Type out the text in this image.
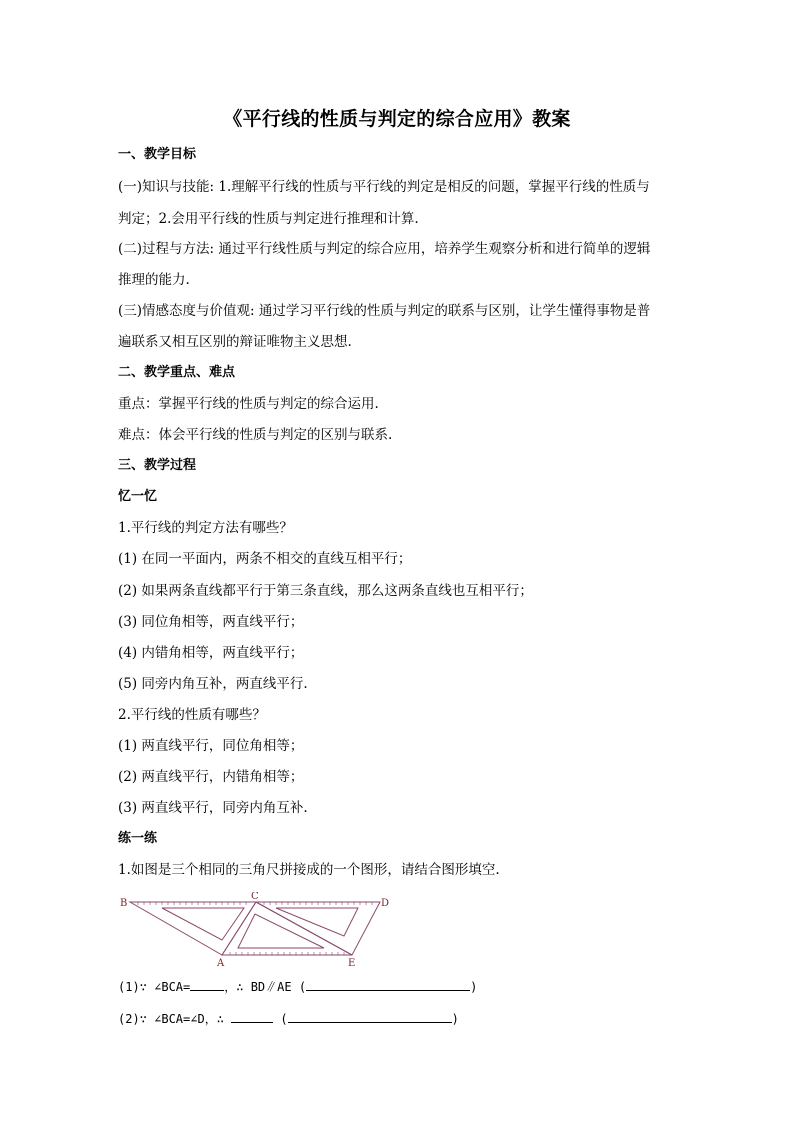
《平行线的性质与判定的综合应用》教案
一、教学目标
(一)知识与技能: 1.理解平行线的性质与平行线的判定是相反的问题，掌握平行线的性质与
判定；2.会用平行线的性质与判定进行推理和计算.
(二)过程与方法: 通过平行线性质与判定的综合应用，培养学生观察分析和进行简单的逻辑
推理的能力.
(三)情感态度与价值观: 通过学习平行线的性质与判定的联系与区别，让学生懂得事物是普
遍联系又相互区别的辩证唯物主义思想.
二、教学重点、难点
重点：掌握平行线的性质与判定的综合运用.
难点：体会平行线的性质与判定的区别与联系.
三、教学过程
忆一忆
1.平行线的判定方法有哪些？
(1) 在同一平面内，两条不相交的直线互相平行；
(2) 如果两条直线都平行于第三条直线，那么这两条直线也互相平行；
(3) 同位角相等，两直线平行；
(4) 内错角相等，两直线平行；
(5) 同旁内角互补，两直线平行.
2.平行线的性质有哪些？
(1) 两直线平行，同位角相等；
(2) 两直线平行，内错角相等；
(3) 两直线平行，同旁内角互补.
练一练
1.如图是三个相同的三角尺拼接成的一个图形，请结合图形填空.
B
C
D
A	E
(1)∵ ∠BCA=	，∴ BD∥AE (	)
(2)∵ ∠BCA=∠D，∴	(	)
